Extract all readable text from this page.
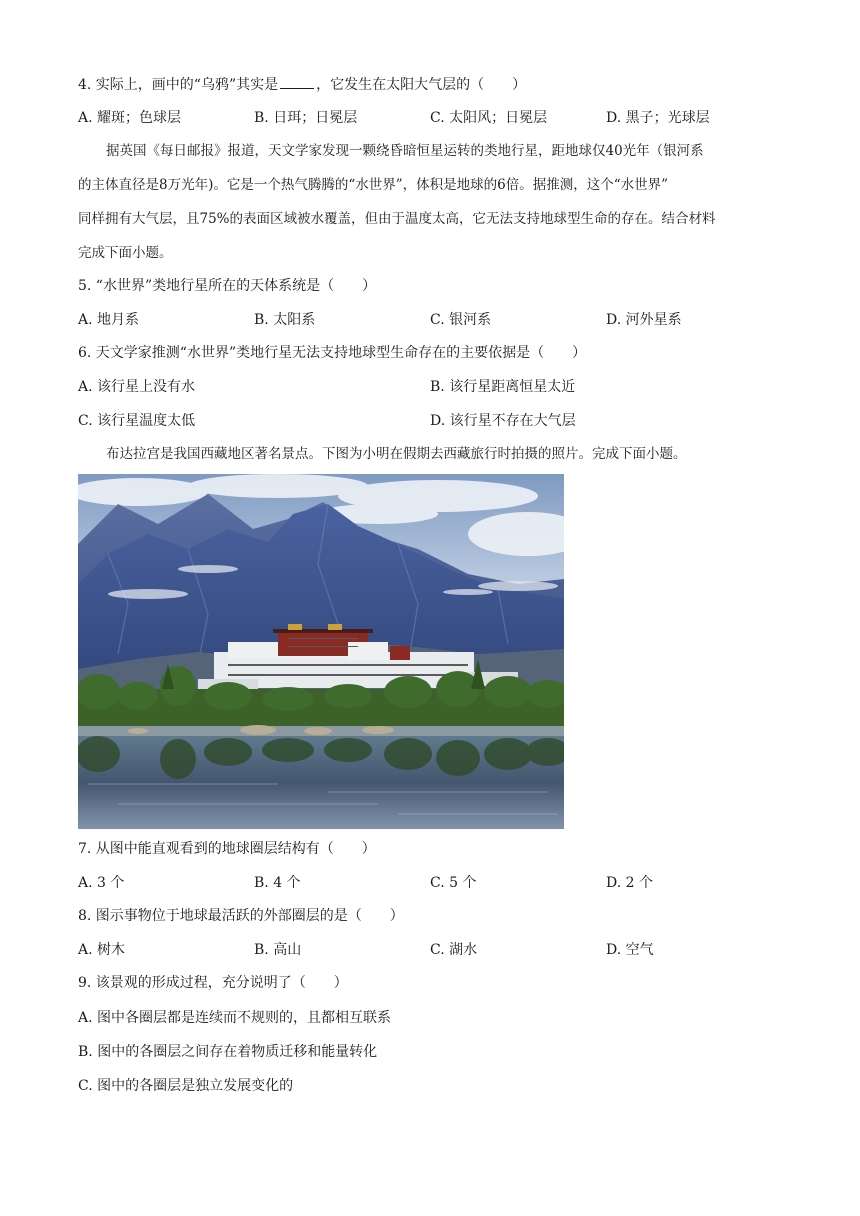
4. 实际上，画中的“乌鸦”其实是	，它发生在太阳大气层的（　　）
A. 耀斑；色球层	B. 日珥；日冕层	C. 太阳风；日冕层	D. 黑子；光球层
据英国《每日邮报》报道，天文学家发现一颗绕昏暗恒星运转的类地行星，距地球仅40光年（银河系
的主体直径是8万光年)。它是一个热气腾腾的“水世界”，体积是地球的6倍。据推测，这个“水世界”
同样拥有大气层，且75%的表面区域被水覆盖，但由于温度太高，它无法支持地球型生命的存在。结合材料
完成下面小题。
5. “水世界”类地行星所在的天体系统是（　　）
A. 地月系	B. 太阳系	C. 银河系	D. 河外星系
6. 天文学家推测“水世界”类地行星无法支持地球型生命存在的主要依据是（　　）
A. 该行星上没有水	B. 该行星距离恒星太近
C. 该行星温度太低	D. 该行星不存在大气层
布达拉宫是我国西藏地区著名景点。下图为小明在假期去西藏旅行时拍摄的照片。完成下面小题。
7. 从图中能直观看到的地球圈层结构有（　　）
A. 3 个	B. 4 个	C. 5 个	D. 2 个
8. 图示事物位于地球最活跃的外部圈层的是（　　）
A. 树木	B. 高山	C. 湖水	D. 空气
9. 该景观的形成过程，充分说明了（　　）
A. 图中各圈层都是连续而不规则的，且都相互联系
B. 图中的各圈层之间存在着物质迁移和能量转化
C. 图中的各圈层是独立发展变化的
